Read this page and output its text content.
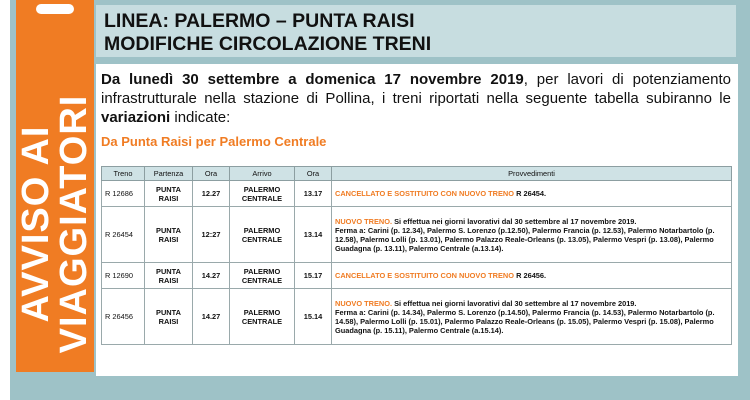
AVVISO AI
VIAGGIATORI
LINEA: PALERMO – PUNTA RAISI
MODIFICHE CIRCOLAZIONE TRENI
Da lunedì 30 settembre a domenica 17 novembre 2019, per lavori di potenziamento infrastrutturale nella stazione di Pollina, i treni riportati nella seguente tabella subiranno le variazioni indicate:
Da Punta Raisi per Palermo Centrale
Treno	Partenza	Ora	Arrivo	Ora	Provvedimenti
R 12686	PUNTA RAISI	12.27	PALERMO CENTRALE	13.17	CANCELLATO E SOSTITUITO CON NUOVO TRENO R 26454.
R 26454	PUNTA RAISI	12:27	PALERMO CENTRALE	13.14	NUOVO TRENO. Si effettua nei giorni lavorativi dal 30 settembre al 17 novembre 2019.
Ferma a: Carini (p. 12.34), Palermo S. Lorenzo (p.12.50), Palermo Francia (p. 12.53), Palermo Notarbartolo (p. 12.58), Palermo Lolli (p. 13.01), Palermo Palazzo Reale-Orleans (p. 13.05), Palermo Vespri (p. 13.08), Palermo Guadagna (p. 13.11), Palermo Centrale (a.13.14).
R 12690	PUNTA RAISI	14.27	PALERMO CENTRALE	15.17	CANCELLATO E SOSTITUITO CON NUOVO TRENO R 26456.
R 26456	PUNTA RAISI	14.27	PALERMO CENTRALE	15.14	NUOVO TRENO. Si effettua nei giorni lavorativi dal 30 settembre al 17 novembre 2019.
Ferma a: Carini (p. 14.34), Palermo S. Lorenzo (p.14.50), Palermo Francia (p. 14.53), Palermo Notarbartolo (p. 14.58), Palermo Lolli (p. 15.01), Palermo Palazzo Reale-Orleans (p. 15.05), Palermo Vespri (p. 15.08), Palermo Guadagna (p. 15.11), Palermo Centrale (a.15.14).
